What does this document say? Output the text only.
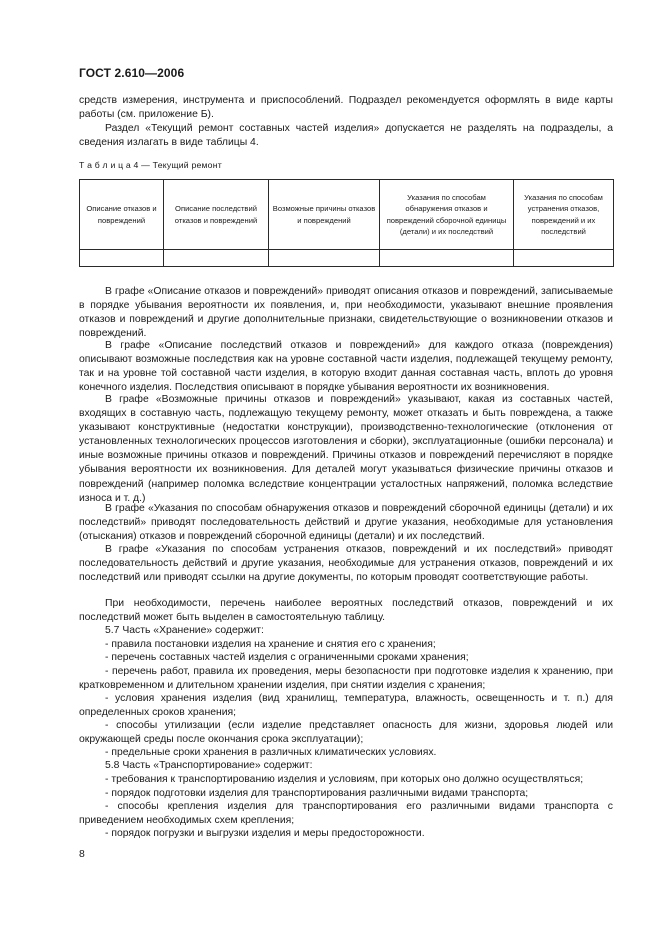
ГОСТ 2.610—2006

средств измерения, инструмента и приспособлений. Подраздел рекомендуется оформлять в виде карты работы (см. приложение Б).

Раздел «Текущий ремонт составных частей изделия» допускается не разделять на подразделы, а сведения излагать в виде таблицы 4.

Т а б л и ц а 4 — Текущий ремонт
Описание отказов и повреждений	Описание последствий отказов и повреждений	Возможные причины отказов и повреждений	Указания по способам обнаружения отказов и повреждений сборочной единицы (детали) и их последствий	Указания по способам устранения отказов, повреждений и их последствий

В графе «Описание отказов и повреждений» приводят описания отказов и повреждений, записываемые в порядке убывания вероятности их появления, и, при необходимости, указывают внешние проявления отказов и повреждений и другие дополнительные признаки, свидетельствующие о возникновении отказов и повреждений.

В графе «Описание последствий отказов и повреждений» для каждого отказа (повреждения) описывают возможные последствия как на уровне составной части изделия, подлежащей текущему ремонту, так и на уровне той составной части изделия, в которую входит данная составная часть, вплоть до уровня конечного изделия. Последствия описывают в порядке убывания вероятности их возникновения.

В графе «Возможные причины отказов и повреждений» указывают, какая из составных частей, входящих в составную часть, подлежащую текущему ремонту, может отказать и быть повреждена, а также указывают конструктивные (недостатки конструкции), производственно-технологические (отклонения от установленных технологических процессов изготовления и сборки), эксплуатационные (ошибки персонала) и иные возможные причины отказов и повреждений. Причины отказов и повреждений перечисляют в порядке убывания вероятности их возникновения. Для деталей могут указываться физические причины отказов и повреждений (например поломка вследствие концентрации усталостных напряжений, поломка вследствие износа и т. д.)

В графе «Указания по способам обнаружения отказов и повреждений сборочной единицы (детали) и их последствий» приводят последовательность действий и другие указания, необходимые для установления (отыскания) отказов и повреждений сборочной единицы (детали) и их последствий.

В графе «Указания по способам устранения отказов, повреждений и их последствий» приводят последовательность действий и другие указания, необходимые для устранения отказов, повреждений и их последствий или приводят ссылки на другие документы, по которым проводят соответствующие работы.

При необходимости, перечень наиболее вероятных последствий отказов, повреждений и их последствий может быть выделен в самостоятельную таблицу.

5.7 Часть «Хранение» содержит:

- правила постановки изделия на хранение и снятия его с хранения;

- перечень составных частей изделия с ограниченными сроками хранения;

- перечень работ, правила их проведения, меры безопасности при подготовке изделия к хранению, при кратковременном и длительном хранении изделия, при снятии изделия с хранения;

- условия хранения изделия (вид хранилищ, температура, влажность, освещенность и т. п.) для определенных сроков хранения;

- способы утилизации (если изделие представляет опасность для жизни, здоровья людей или окружающей среды после окончания срока эксплуатации);

- предельные сроки хранения в различных климатических условиях.

5.8 Часть «Транспортирование» содержит:

- требования к транспортированию изделия и условиям, при которых оно должно осуществляться;

- порядок подготовки изделия для транспортирования различными видами транспорта;

- способы крепления изделия для транспортирования его различными видами транспорта с приведением необходимых схем крепления;

- порядок погрузки и выгрузки изделия и меры предосторожности.

8
